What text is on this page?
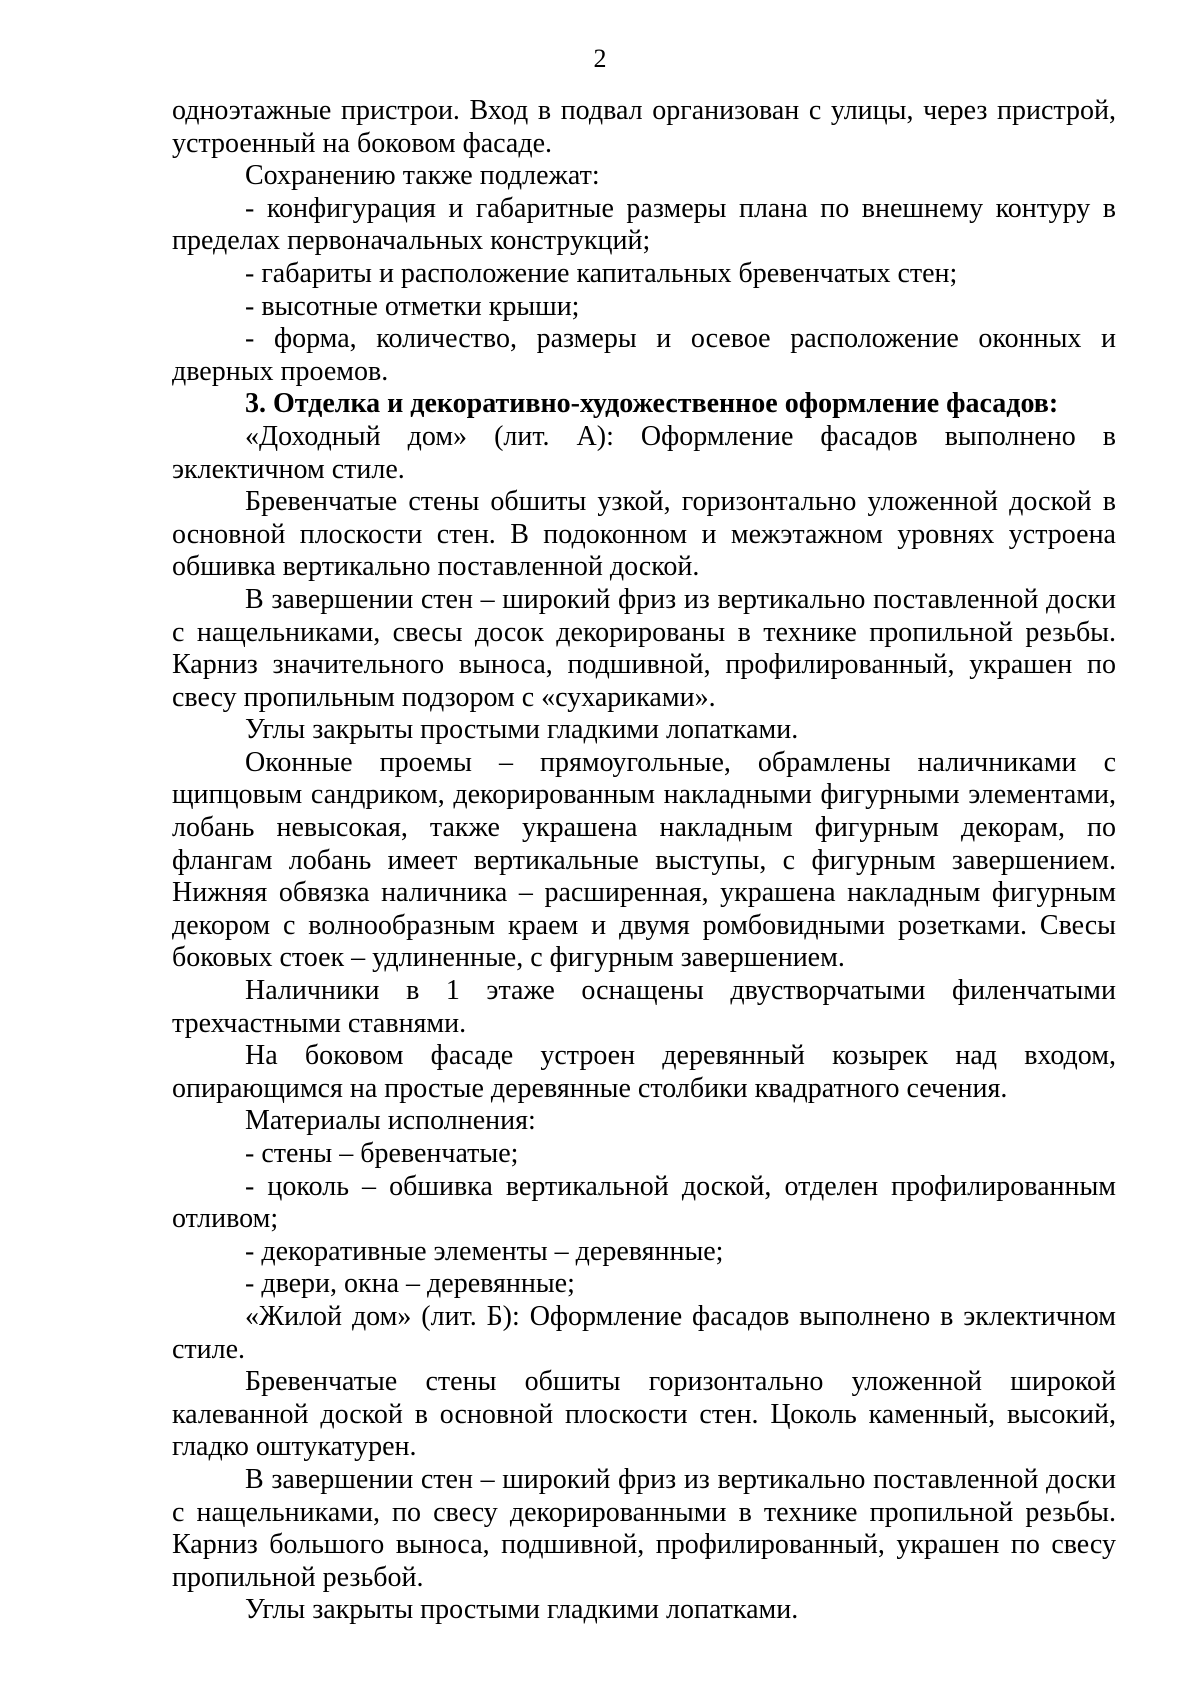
2

одноэтажные пристрои. Вход в подвал организован с улицы, через пристрой, устроенный на боковом фасаде.

Сохранению также подлежат:

- конфигурация и габаритные размеры плана по внешнему контуру в пределах первоначальных конструкций;

- габариты и расположение капитальных бревенчатых стен;

- высотные отметки крыши;

- форма, количество, размеры и осевое расположение оконных и дверных проемов.

3. Отделка и декоративно-художественное оформление фасадов:

«Доходный дом» (лит. А): Оформление фасадов выполнено в эклектичном стиле.

Бревенчатые стены обшиты узкой, горизонтально уложенной доской в основной плоскости стен. В подоконном и межэтажном уровнях устроена обшивка вертикально поставленной доской.

В завершении стен – широкий фриз из вертикально поставленной доски с нащельниками, свесы досок декорированы в технике пропильной резьбы. Карниз значительного выноса, подшивной, профилированный, украшен по свесу пропильным подзором с «сухариками».

Углы закрыты простыми гладкими лопатками.

Оконные проемы – прямоугольные, обрамлены наличниками с щипцовым сандриком, декорированным накладными фигурными элементами, лобань невысокая, также украшена накладным фигурным декорам, по флангам лобань имеет вертикальные выступы, с фигурным завершением. Нижняя обвязка наличника – расширенная, украшена накладным фигурным декором с волнообразным краем и двумя ромбовидными розетками. Свесы боковых стоек – удлиненные, с фигурным завершением.

Наличники в 1 этаже оснащены двустворчатыми филенчатыми трехчастными ставнями.

На боковом фасаде устроен деревянный козырек над входом, опирающимся на простые деревянные столбики квадратного сечения.

Материалы исполнения:

- стены – бревенчатые;

- цоколь – обшивка вертикальной доской, отделен профилированным отливом;

- декоративные элементы – деревянные;

- двери, окна – деревянные;

«Жилой дом» (лит. Б): Оформление фасадов выполнено в эклектичном стиле.

Бревенчатые стены обшиты горизонтально уложенной широкой калеванной доской в основной плоскости стен. Цоколь каменный, высокий, гладко оштукатурен.

В завершении стен – широкий фриз из вертикально поставленной доски с нащельниками, по свесу декорированными в технике пропильной резьбы. Карниз большого выноса, подшивной, профилированный, украшен по свесу пропильной резьбой.

Углы закрыты простыми гладкими лопатками.
